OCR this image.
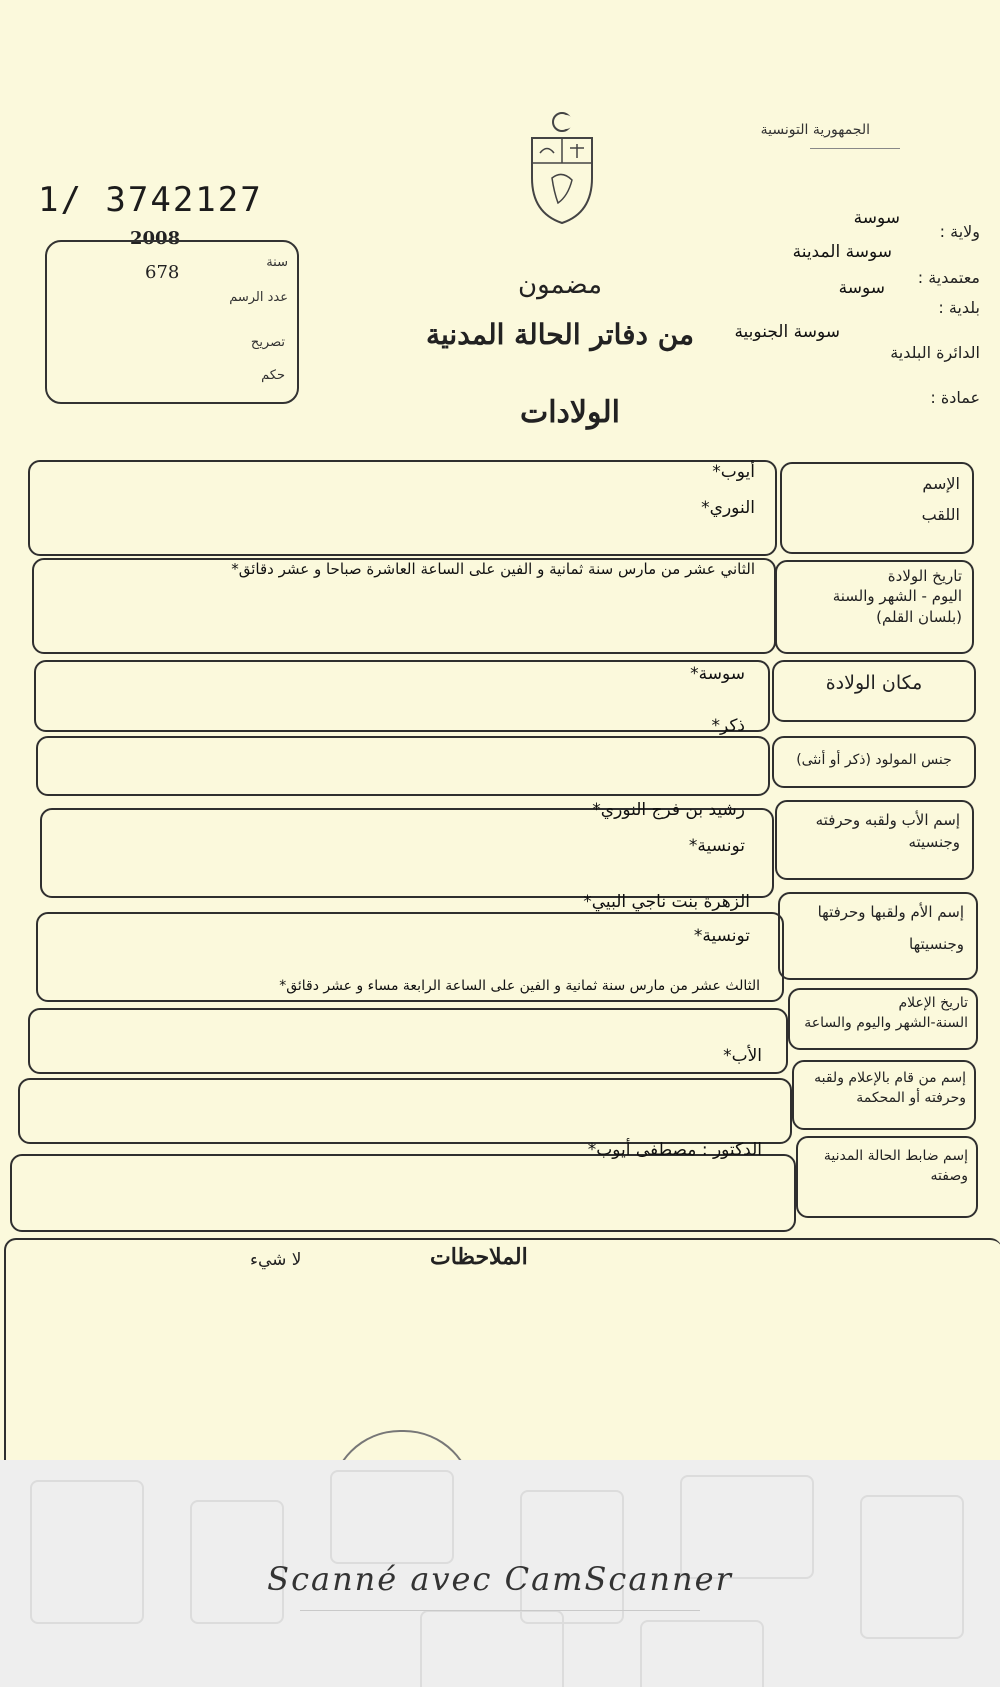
الجمهورية التونسية
1/ 3742127
2008
سنة
678
عدد الرسم
تصريح
حكم
سوسة
ولاية :
سوسة المدينة
معتمدية :
سوسة
بلدية :
سوسة الجنوبية
الدائرة البلدية
عمادة :
مضمون
من دفاتر الحالة المدنية
الولادات
الإسم
اللقب
أيوب*
النوري*
تاريخ الولادة
اليوم - الشهر والسنة
(بلسان القلم)
الثاني عشر من مارس سنة ثمانية و الفين على الساعة العاشرة صباحا و عشر دقائق*
مكان الولادة
سوسة*
جنس المولود (ذكر أو أنثى)
ذكر*
إسم الأب ولقبه وحرفته
وجنسيته
رشيد بن فرج النوري*
تونسية*
إسم الأم ولقبها وحرفتها
وجنسيتها
الزهرة بنت ناجي البيي*
تونسية*
تاريخ الإعلام
السنة-الشهر واليوم والساعة
الثالث عشر من مارس سنة ثمانية و الفين على الساعة الرابعة مساء و عشر دقائق*
إسم من قام بالإعلام ولقبه
وحرفته أو المحكمة
الأب*
إسم ضابط الحالة المدنية
وصفته
الدكتور : مصطفى أيوب*
الملاحظات
لا شيء
Scanné avec CamScanner
